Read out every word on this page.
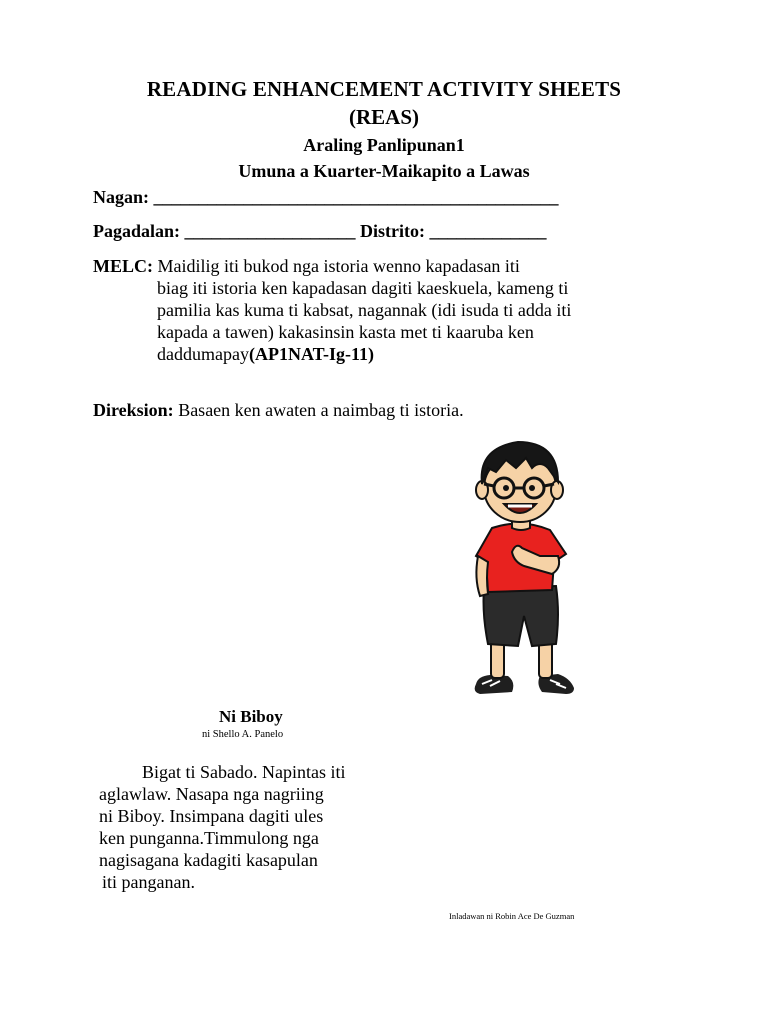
READING ENHANCEMENT ACTIVITY SHEETS
(REAS)
Araling Panlipunan1
Umuna a Kuarter-Maikapito a Lawas
Nagan: _____________________________________________
Pagadalan: ___________________ Distrito: _____________
MELC: Maidilig iti bukod nga istoria wenno kapadasan iti
biag iti istoria ken kapadasan dagiti kaeskuela, kameng ti
pamilia kas kuma ti kabsat, nagannak (idi isuda ti adda iti
kapada a tawen) kakasinsin kasta met ti kaaruba ken
daddumapay(AP1NAT-Ig-11)
Direksion: Basaen ken awaten a naimbag ti istoria.
Ni Biboy
ni Shello A. Panelo
Bigat ti Sabado. Napintas iti
aglawlaw. Nasapa nga nagriing
ni Biboy. Insimpana dagiti ules
ken punganna.Timmulong nga
nagisagana kadagiti kasapulan
iti panganan.
Inladawan ni Robin Ace De Guzman
